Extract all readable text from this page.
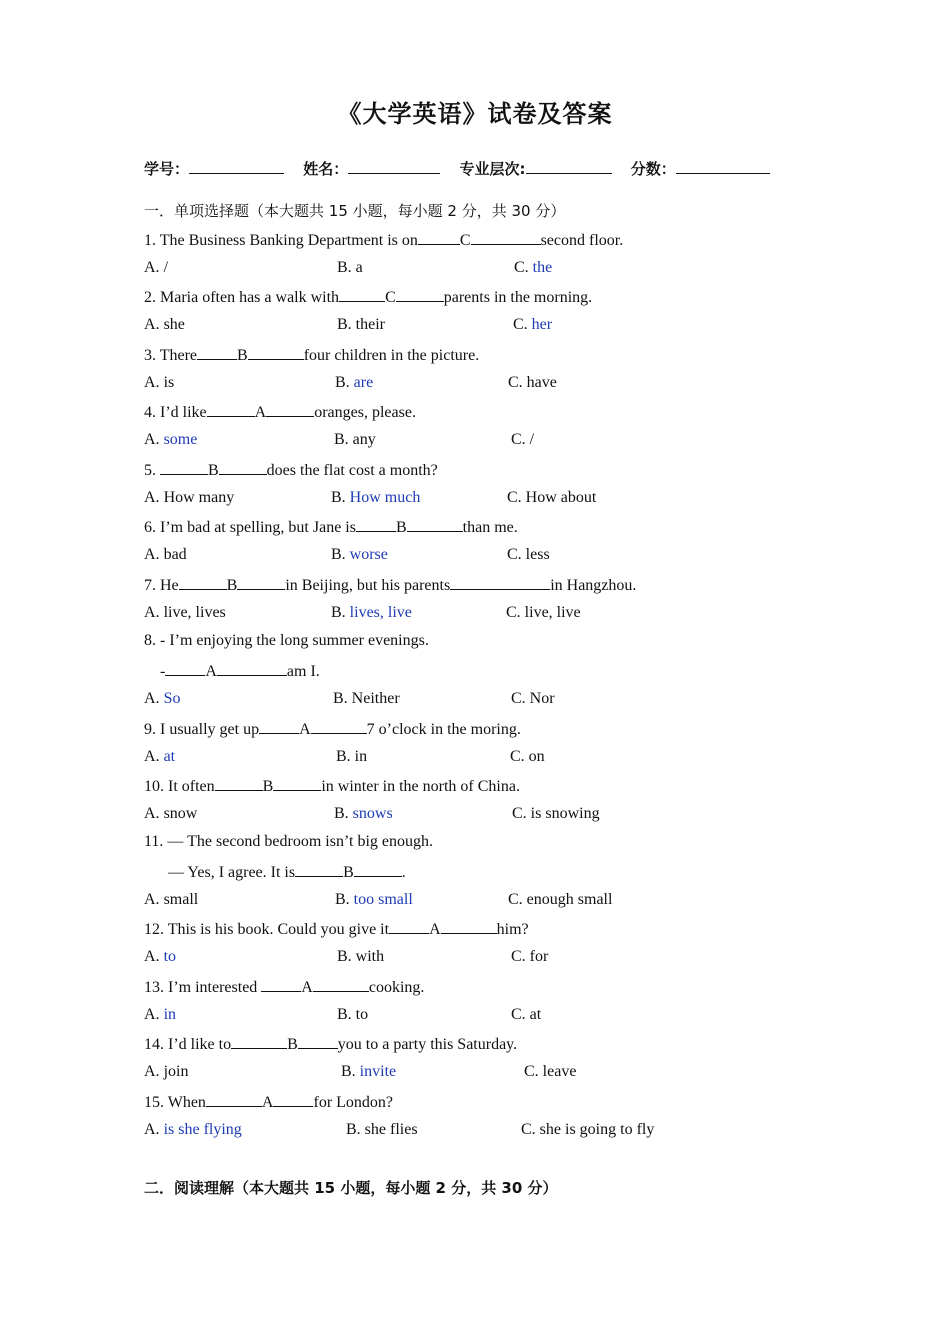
《大学英语》试卷及答案
学号：	姓名：	专业层次:	分数：
一．单项选择题（本大题共 15 小题，每小题 2 分，共 30 分）
1. The Business Banking Department is on	C	second floor.
A. /	B. a	C. the
2. Maria often has a walk with	C	parents in the morning.
A. she	B. their	C. her
3. There	B	four children in the picture.
A. is	B. are	C. have
4. I’d like	A	oranges, please.
A. some	B. any	C. /
5.	B	does the flat cost a month?
A. How many	B. How much	C. How about
6. I’m bad at spelling, but Jane is	B	than me.
A. bad	B. worse	C. less
7. He	B	in Beijing, but his parents	in Hangzhou.
A. live, lives	B. lives, live	C. live, live
8. - I’m enjoying the long summer evenings.
-	A	am I.
A. So	B. Neither	C. Nor
9. I usually get up	A	7 o’clock in the moring.
A. at	B. in	C. on
10. It often	B	in winter in the north of China.
A. snow	B. snows	C. is snowing
11. — The second bedroom isn’t big enough.
— Yes, I agree. It is	B	.
A. small	B. too small	C. enough small
12. This is his book. Could you give it	A	him?
A. to	B. with	C. for
13. I’m interested	A	cooking.
A. in	B. to	C. at
14. I’d like to	B	you to a party this Saturday.
A. join	B. invite	C. leave
15. When	A	for London?
A. is she flying	B. she flies	C. she is going to fly
二．阅读理解（本大题共 15 小题，每小题 2 分，共 30 分）
